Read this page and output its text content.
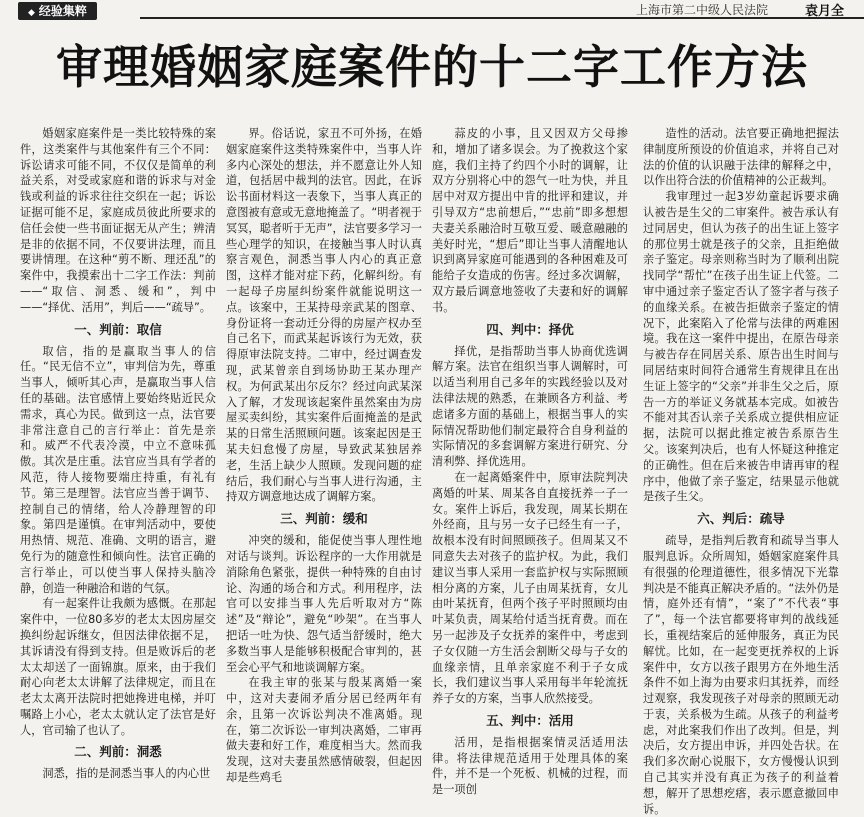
◆ 经验集粹	上海市第二中级人民法院	袁月全
审理婚姻家庭案件的十二字工作方法

婚姻家庭案件是一类比较特殊的案件，这类案件与其他案件有三个不同：诉讼请求可能不同，不仅仅是简单的利益关系，对受或家庭和谐的诉求与对金钱或利益的诉求往往交织在一起；诉讼证据可能不足，家庭成员彼此所要求的信任会使一些书面证据无从产生；辨清是非的依据不同，不仅要讲法理，而且要讲情理。在这种“剪不断、理还乱”的案件中，我摸索出十二字工作法：判前——“取信、洞悉、缓和”，判中——“择优、活用”，判后——“疏导”。

一、判前：取信

取信，指的是赢取当事人的信任。“民无信不立”，审判信为先，尊重当事人，倾听其心声，是赢取当事人信任的基础。法官感情上要始终贴近民众需求，真心为民。做到这一点，法官要非常注意自己的言行举止：首先是亲和。威严不代表冷漠，中立不意味孤傲。其次是庄重。法官应当具有学者的风范，待人接物要端庄持重，有礼有节。第三是理智。法官应当善于调节、控制自己的情绪，给人冷静理智的印象。第四是谨慎。在审判活动中，要使用热情、规范、准确、文明的语言，避免行为的随意性和倾向性。法官正确的言行举止，可以使当事人保持头脑冷静，创造一种融洽和谐的气氛。

有一起案件让我颇为感慨。在那起案件中，一位80多岁的老太太因房屋交换纠纷起诉继女，但因法律依据不足，其诉请没有得到支持。但是败诉后的老太太却送了一面锦旗。原来，由于我们耐心向老太太讲解了法律规定，而且在老太太离开法院时把她搀进电梯，并叮嘱路上小心，老太太就认定了法官是好人，官司输了也认了。

二、判前：洞悉

洞悉，指的是洞悉当事人的内心世

界。俗话说，家丑不可外扬，在婚姻家庭案件这类特殊案件中，当事人许多内心深处的想法，并不愿意让外人知道，包括居中裁判的法官。因此，在诉讼书面材料这一表象下，当事人真正的意图被有意或无意地掩盖了。“明者视于冥冥，聪者听于无声”，法官要多学习一些心理学的知识，在接触当事人时认真察言观色，洞悉当事人内心的真正意图，这样才能对症下药，化解纠纷。有一起母子房屋纠纷案件就能说明这一点。该案中，王某持母亲武某的图章、身份证将一套动迁分得的房屋产权办至自己名下，而武某起诉该行为无效，获得原审法院支持。二审中，经过调查发现，武某曾亲自到场协助王某办理产权。为何武某出尔反尔？经过向武某深入了解，才发现该起案件虽然案由为房屋买卖纠纷，其实案件后面掩盖的是武某的日常生活照顾问题。该案起因是王某夫妇怠慢了房屋，导致武某独居养老，生活上缺少人照顾。发现问题的症结后，我们耐心与当事人进行沟通，主持双方调意地达成了调解方案。

三、判前：缓和

冲突的缓和，能促使当事人理性地对话与谈判。诉讼程序的一大作用就是消除角色紧张，提供一种特殊的自由讨论、沟通的场合和方式。利用程序，法官可以安排当事人先后听取对方“陈述”及“辩论”，避免“吵架”。在当事人把话一吐为快、怨气适当舒缓时，绝大多数当事人是能够积极配合审判的，甚至会心平气和地谈调解方案。

在我主审的张某与殷某离婚一案中，这对夫妻闹矛盾分居已经两年有余，且第一次诉讼判决不准离婚。现在，第二次诉讼一审判决离婚，二审再做夫妻和好工作，难度相当大。然而我发现，这对夫妻虽然感情破裂，但起因却是些鸡毛

蒜皮的小事，且又因双方父母掺和，增加了诸多误会。为了挽救这个家庭，我们主持了约四个小时的调解，让双方分别将心中的怨气一吐为快，并且居中对双方提出中肯的批评和建议，并引导双方“忠前想后，”“忠前”即多想想夫妻关系融洽时互敬互爱、暖意融融的美好时光，“想后”即让当事人清醒地认识到离异家庭可能遇到的各种困难及可能给子女造成的伤害。经过多次调解，双方最后调意地签收了夫妻和好的调解书。

四、判中：择优

择优，是指帮助当事人协商优选调解方案。法官在组织当事人调解时，可以适当利用自己多年的实践经验以及对法律法规的熟悉，在兼顾各方利益、考虑诸多方面的基础上，根据当事人的实际情况帮助他们制定最符合自身利益的实际情况的多套调解方案进行研究、分清利弊、择优选用。

在一起离婚案件中，原审法院判决离婚的叶某、周某各自直接抚养一子一女。案件上诉后，我发现，周某长期在外经商，且与另一女子已经生有一子，故根本没有时间照顾孩子。但周某又不同意失去对孩子的监护权。为此，我们建议当事人采用一套监护权与实际照顾相分离的方案，儿子由周某抚育，女儿由叶某抚育，但两个孩子平时照顾均由叶某负责，周某给付适当抚育费。而在另一起涉及子女抚养的案件中，考虑到子女仅随一方生活会割断父母与子女的血缘亲情，且单亲家庭不利于子女成长，我们建议当事人采用每半年轮流抚养子女的方案，当事人欣然接受。

五、判中：活用

活用，是指根据案情灵活适用法律。将法律规范适用于处理具体的案件，并不是一个死板、机械的过程，而是一项创

造性的活动。法官要正确地把握法律制度所预设的价值追求，并将自己对法的价值的认识融于法律的解释之中，以作出符合法的价值精神的公正裁判。

我审理过一起3岁幼童起诉要求确认被告是生父的二审案件。被告承认有过同居史，但认为孩子的出生证上签字的那位男士就是孩子的父亲，且拒绝做亲子鉴定。母亲则称当时为了顺利出院找同学“帮忙”在孩子出生证上代签。二审中通过亲子鉴定否认了签字者与孩子的血缘关系。在被告拒做亲子鉴定的情况下，此案陷入了伦常与法律的两难困境。我在这一案件中提出，在原告母亲与被告存在同居关系、原告出生时间与同居结束时间符合通常生育规律且在出生证上签字的“父亲”并非生父之后，原告一方的举证义务就基本完成。如被告不能对其否认亲子关系成立提供相应证据，法院可以据此推定被告系原告生父。该案判决后，也有人怀疑这种推定的正确性。但在后来被告申请再审的程序中，他做了亲子鉴定，结果显示他就是孩子生父。

六、判后：疏导

疏导，是指判后教育和疏导当事人服判息诉。众所周知，婚姻家庭案件具有很强的伦理道德性，很多情况下光靠判决是不能真正解决矛盾的。“法外仍是情，庭外还有情”，“案了”不代表“事了”，每一个法官都要将审判的战线延长，重视结案后的延伸服务，真正为民解忧。比如，在一起变更抚养权的上诉案件中，女方以孩子跟男方在外地生活条件不如上海为由要求归其抚养，而经过观察，我发现孩子对母亲的照顾无动于衷，关系极为生疏。从孩子的利益考虑，对此案我们作出了改判。但是，判决后，女方提出申诉，并四处告状。在我们多次耐心说服下，女方慢慢认识到自己其实并没有真正为孩子的利益着想，解开了思想疙瘩，表示愿意撤回申诉。
